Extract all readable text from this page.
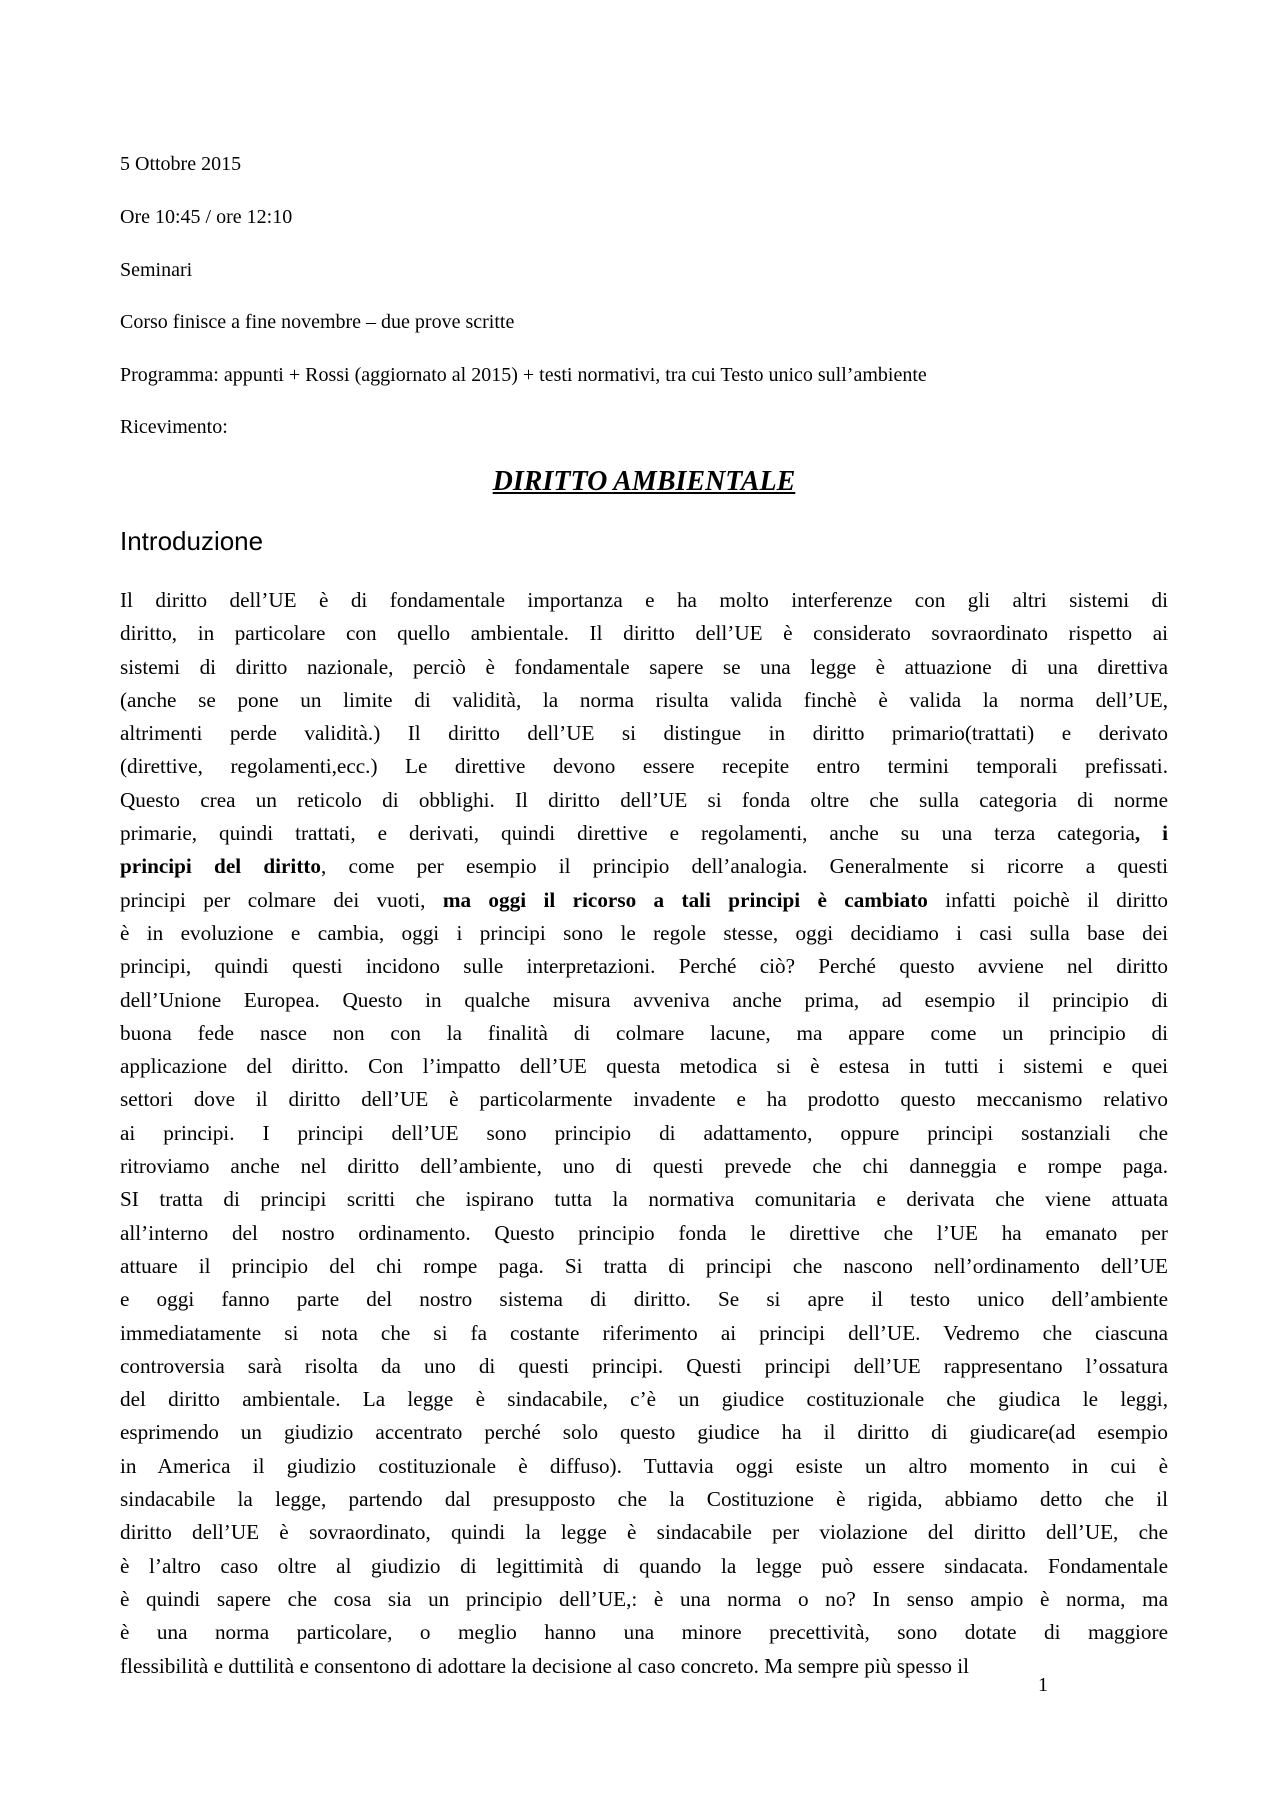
5 Ottobre 2015
Ore 10:45 / ore 12:10
Seminari
Corso finisce a fine novembre – due prove scritte
Programma: appunti + Rossi (aggiornato al 2015) + testi normativi, tra cui Testo unico sull’ambiente
Ricevimento:
DIRITTO AMBIENTALE
Introduzione
Il diritto dell’UE è di fondamentale importanza e ha molto interferenze con gli altri sistemi di
diritto, in particolare con quello ambientale. Il diritto dell’UE è considerato sovraordinato rispetto ai
sistemi di diritto nazionale, perciò è fondamentale sapere se una legge è attuazione di una direttiva
(anche se pone un limite di validità, la norma risulta valida finchè è valida la norma dell’UE,
altrimenti perde validità.) Il diritto dell’UE si distingue in diritto primario(trattati) e derivato
(direttive, regolamenti,ecc.) Le direttive devono essere recepite entro termini temporali prefissati.
Questo crea un reticolo di obblighi. Il diritto dell’UE si fonda oltre che sulla categoria di norme
primarie, quindi trattati, e derivati, quindi direttive e regolamenti, anche su una terza categoria, i
principi del diritto, come per esempio il principio dell’analogia. Generalmente si ricorre a questi
principi per colmare dei vuoti, ma oggi il ricorso a tali principi è cambiato infatti poichè il diritto
è in evoluzione e cambia, oggi i principi sono le regole stesse, oggi decidiamo i casi sulla base dei
principi, quindi questi incidono sulle interpretazioni. Perché ciò? Perché questo avviene nel diritto
dell’Unione Europea. Questo in qualche misura avveniva anche prima, ad esempio il principio di
buona fede nasce non con la finalità di colmare lacune, ma appare come un principio di
applicazione del diritto. Con l’impatto dell’UE questa metodica si è estesa in tutti i sistemi e quei
settori dove il diritto dell’UE è particolarmente invadente e ha prodotto questo meccanismo relativo
ai principi. I principi dell’UE sono principio di adattamento, oppure principi sostanziali che
ritroviamo anche nel diritto dell’ambiente, uno di questi prevede che chi danneggia e rompe paga.
SI tratta di principi scritti che ispirano tutta la normativa comunitaria e derivata che viene attuata
all’interno del nostro ordinamento. Questo principio fonda le direttive che l’UE ha emanato per
attuare il principio del chi rompe paga. Si tratta di principi che nascono nell’ordinamento dell’UE
e oggi fanno parte del nostro sistema di diritto. Se si apre il testo unico dell’ambiente
immediatamente si nota che si fa costante riferimento ai principi dell’UE. Vedremo che ciascuna
controversia sarà risolta da uno di questi principi. Questi principi dell’UE rappresentano l’ossatura
del diritto ambientale. La legge è sindacabile, c’è un giudice costituzionale che giudica le leggi,
esprimendo un giudizio accentrato perché solo questo giudice ha il diritto di giudicare(ad esempio
in America il giudizio costituzionale è diffuso). Tuttavia oggi esiste un altro momento in cui è
sindacabile la legge, partendo dal presupposto che la Costituzione è rigida, abbiamo detto che il
diritto dell’UE è sovraordinato, quindi la legge è sindacabile per violazione del diritto dell’UE, che
è l’altro caso oltre al giudizio di legittimità di quando la legge può essere sindacata. Fondamentale
è quindi sapere che cosa sia un principio dell’UE,: è una norma o no? In senso ampio è norma, ma
è una norma particolare, o meglio hanno una minore precettività, sono dotate di maggiore
flessibilità e duttilità e consentono di adottare la decisione al caso concreto. Ma sempre più spesso il
1
